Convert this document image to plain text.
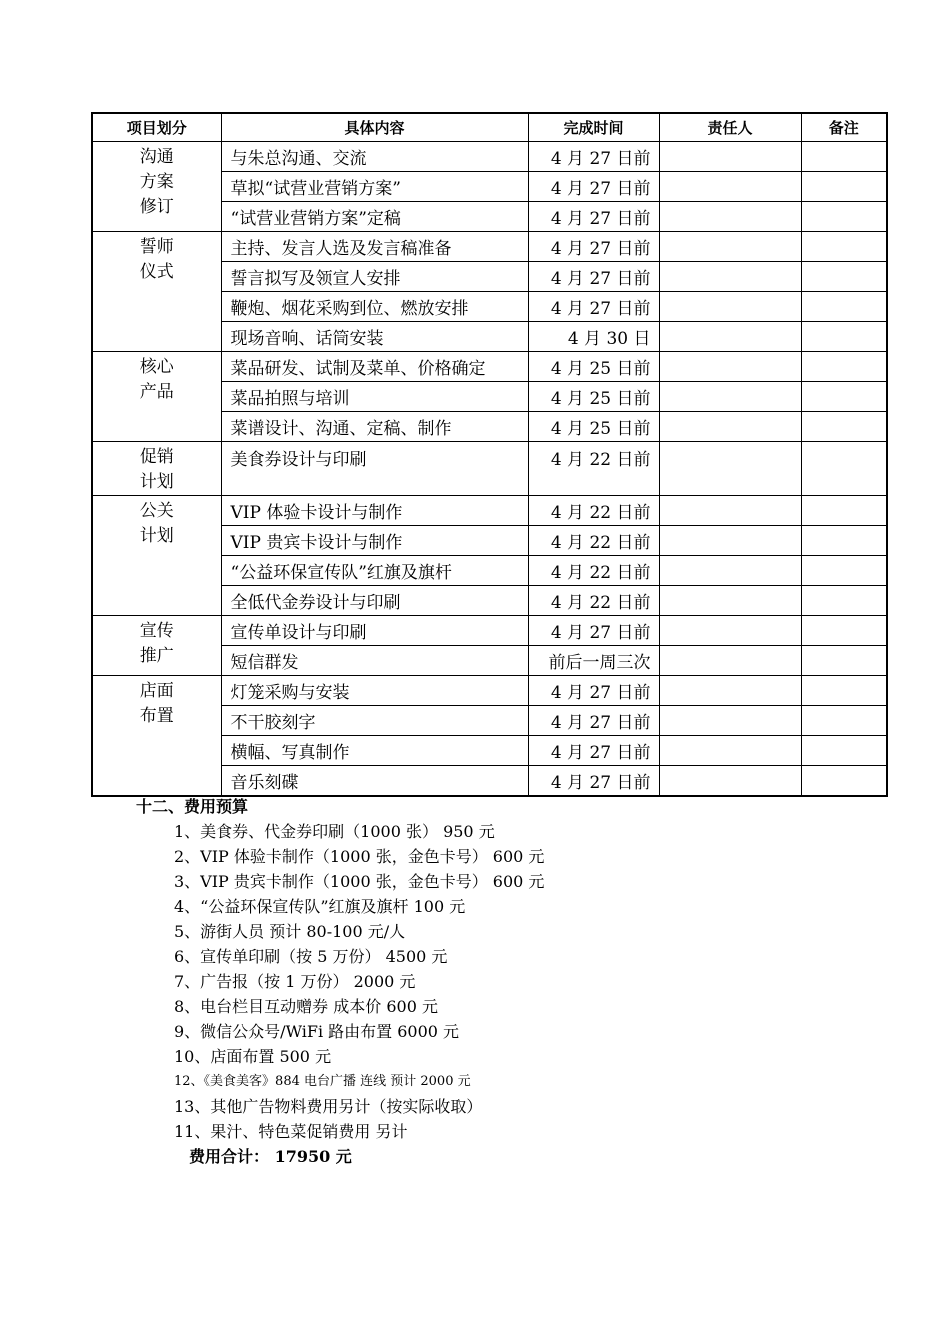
项目划分	具体内容	完成时间	责任人	备注

沟通
方案
修订	与朱总沟通、交流	4 月 27 日前		
	草拟“试营业营销方案”	4 月 27 日前		
	“试营业营销方案”定稿	4 月 27 日前		

誓师
仪式	主持、发言人选及发言稿准备	4 月 27 日前		
	誓言拟写及领宣人安排	4 月 27 日前		
	鞭炮、烟花采购到位、燃放安排	4 月 27 日前		
	现场音响、话筒安装	4 月 30 日		

核心
产品	菜品研发、试制及菜单、价格确定	4 月 25 日前		
	菜品拍照与培训	4 月 25 日前		
	菜谱设计、沟通、定稿、制作	4 月 25 日前		

促销
计划	美食券设计与印刷	4 月 22 日前		

公关
计划	VIP 体验卡设计与制作	4 月 22 日前		
	VIP 贵宾卡设计与制作	4 月 22 日前		
	“公益环保宣传队”红旗及旗杆	4 月 22 日前		
	全低代金券设计与印刷	4 月 22 日前		

宣传
推广	宣传单设计与印刷	4 月 27 日前		
	短信群发	前后一周三次		

店面
布置	灯笼采购与安装	4 月 27 日前		
	不干胶刻字	4 月 27 日前		
	横幅、写真制作	4 月 27 日前		
	音乐刻碟	4 月 27 日前		
十二、费用预算
1、美食券、代金券印刷（1000 张） 950 元
2、VIP 体验卡制作（1000 张，金色卡号） 600 元
3、VIP 贵宾卡制作（1000 张，金色卡号） 600 元
4、“公益环保宣传队”红旗及旗杆 100 元
5、游街人员 预计 80-100 元/人
6、宣传单印刷（按 5 万份） 4500 元
7、广告报（按 1 万份） 2000 元
8、电台栏目互动赠券 成本价 600 元
9、微信公众号/WiFi 路由布置 6000 元
10、店面布置 500 元
12、《美食美客》884 电台广播 连线 预计 2000 元
13、其他广告物料费用另计（按实际收取）
11、果汁、特色菜促销费用 另计
费用合计： 17950 元
